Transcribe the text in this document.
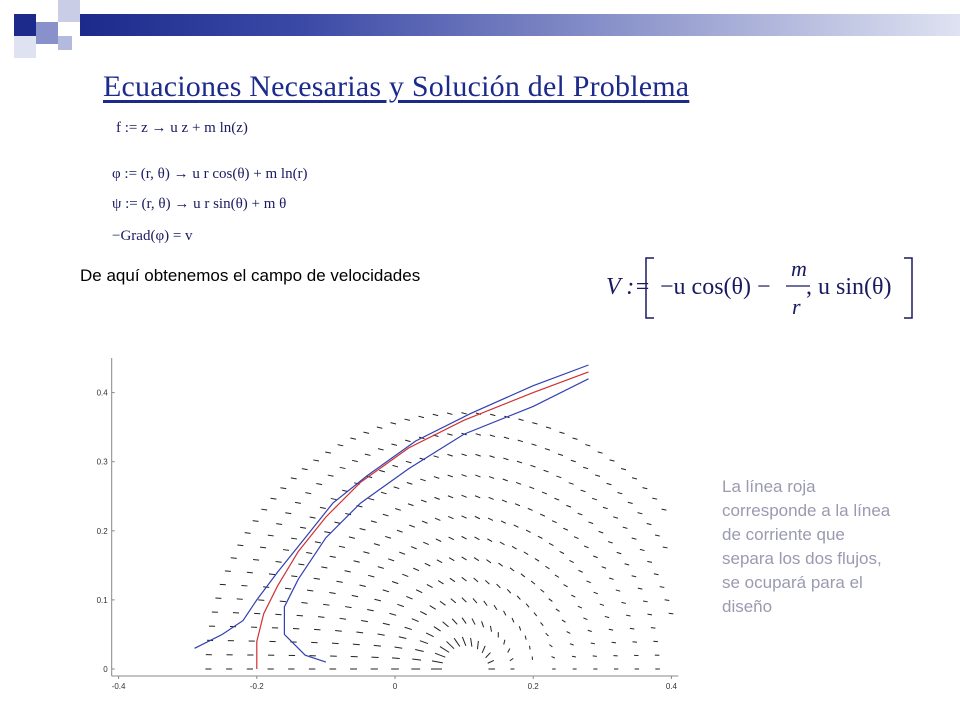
Ecuaciones Necesarias y Solución del Problema
f := z → u z + m ln(z)
φ := (r, θ) → u r cos(θ) + m ln(r)
ψ := (r, θ) → u r sin(θ) + m θ
−Grad(φ) = v
De aquí obtenemos el campo de velocidades	V := −u cos(θ) −
m
r
, u sin(θ)
-0.4	-0.2	0	0.2	0.4
0
0.1
0.2
0.3
0.4
La línea roja corresponde a la línea de corriente que separa los dos flujos, se ocupará para el diseño
